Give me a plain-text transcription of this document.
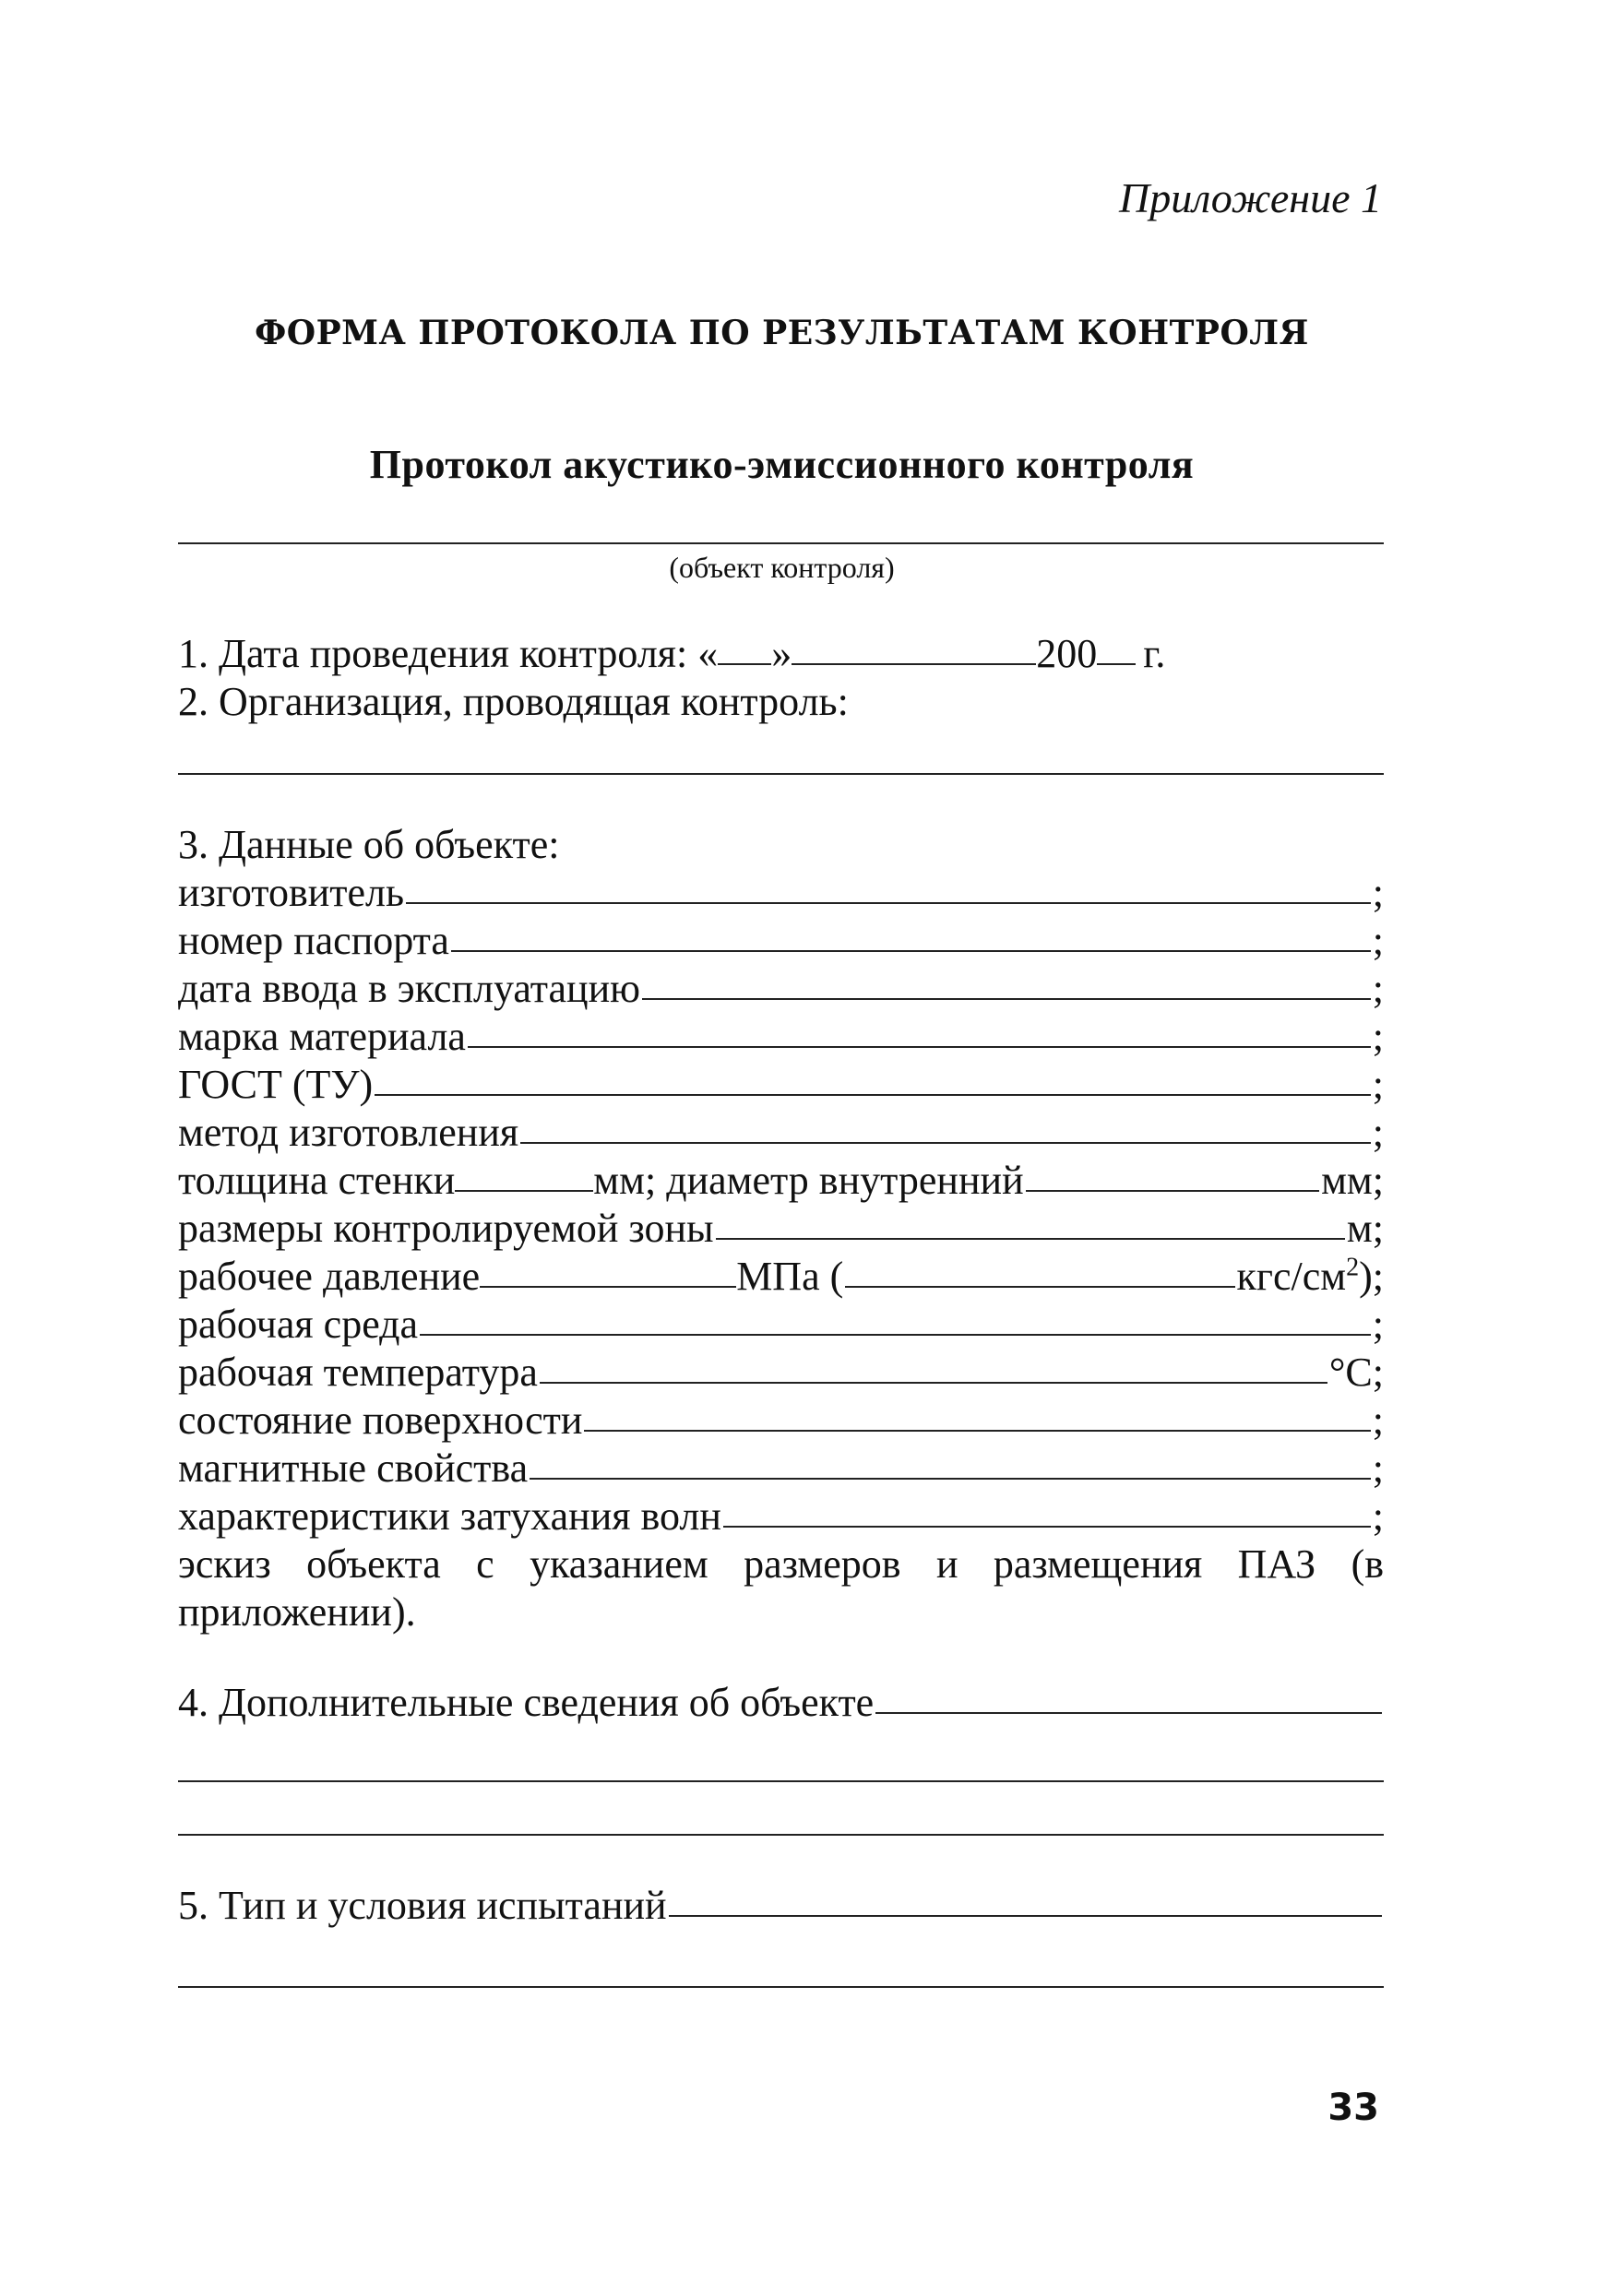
Приложение 1
ФОРМА ПРОТОКОЛА ПО РЕЗУЛЬТАТАМ КОНТРОЛЯ
Протокол акустико-эмиссионного контроля
(объект контроля)
1. Дата проведения контроля: « »	200 г.
2. Организация, проводящая контроль:
3. Данные об объекте:
изготовитель	;
номер паспорта	;
дата ввода в эксплуатацию	;
марка материала	;
ГОСТ (ТУ)	;
метод изготовления	;
толщина стенки	мм; диаметр внутренний	мм;
размеры контролируемой зоны	м;
рабочее давление	МПа (	кгс/$см^2$);
рабочая среда	;
рабочая температура	°С;
состояние поверхности	;
магнитные свойства	;
характеристики затухания волн	;
эскиз объекта с указанием размеров и размещения ПАЗ (в приложении).
4. Дополнительные сведения об объекте
5. Тип и условия испытаний
33
